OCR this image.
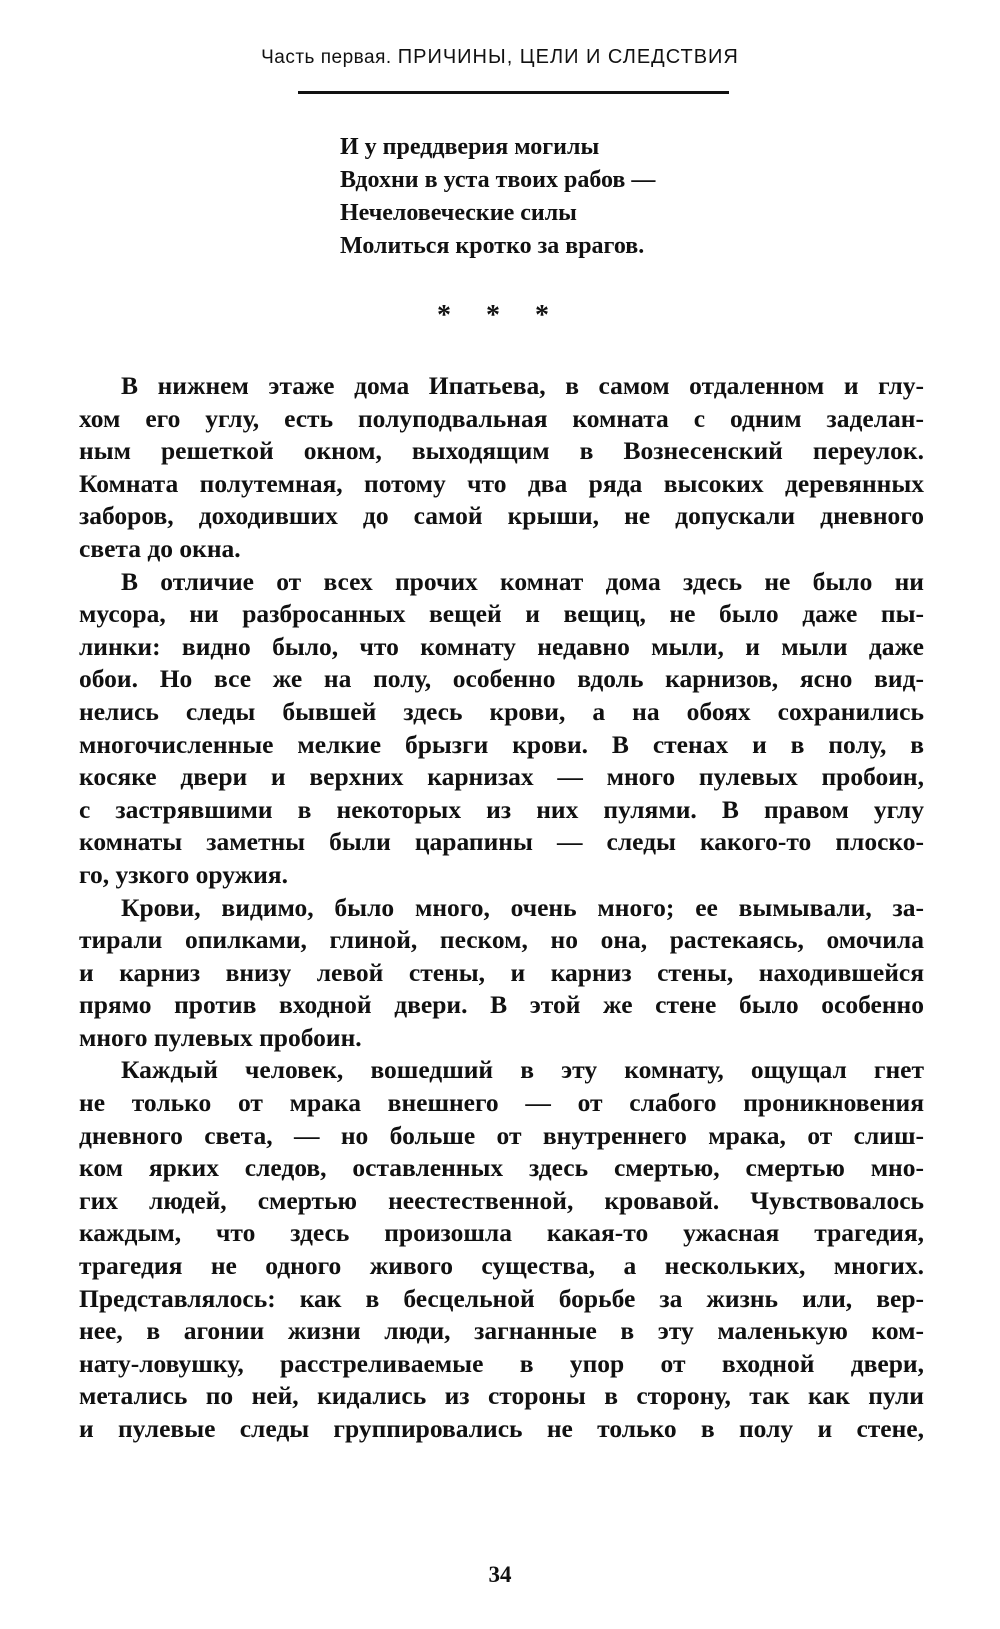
Часть первая. ПРИЧИНЫ, ЦЕЛИ И СЛЕДСТВИЯ
И у преддверия могилы
Вдохни в уста твоих рабов —
Нечеловеческие силы
Молиться кротко за врагов.
* * *
В нижнем этаже дома Ипатьева, в самом отдаленном и глу-
хом его углу, есть полуподвальная комната с одним заделан-
ным решеткой окном, выходящим в Вознесенский переулок.
Комната полутемная, потому что два ряда высоких деревянных
заборов, доходивших до самой крыши, не допускали дневного
света до окна.
В отличие от всех прочих комнат дома здесь не было ни
мусора, ни разбросанных вещей и вещиц, не было даже пы-
линки: видно было, что комнату недавно мыли, и мыли даже
обои. Но все же на полу, особенно вдоль карнизов, ясно вид-
нелись следы бывшей здесь крови, а на обоях сохранились
многочисленные мелкие брызги крови. В стенах и в полу, в
косяке двери и верхних карнизах — много пулевых пробоин,
с застрявшими в некоторых из них пулями. В правом углу
комнаты заметны были царапины — следы какого-то плоско-
го, узкого оружия.
Крови, видимо, было много, очень много; ее вымывали, за-
тирали опилками, глиной, песком, но она, растекаясь, омочила
и карниз внизу левой стены, и карниз стены, находившейся
прямо против входной двери. В этой же стене было особенно
много пулевых пробоин.
Каждый человек, вошедший в эту комнату, ощущал гнет
не только от мрака внешнего — от слабого проникновения
дневного света, — но больше от внутреннего мрака, от слиш-
ком ярких следов, оставленных здесь смертью, смертью мно-
гих людей, смертью неестественной, кровавой. Чувствовалось
каждым, что здесь произошла какая-то ужасная трагедия,
трагедия не одного живого существа, а нескольких, многих.
Представлялось: как в бесцельной борьбе за жизнь или, вер-
нее, в агонии жизни люди, загнанные в эту маленькую ком-
нату-ловушку, расстреливаемые в упор от входной двери,
метались по ней, кидались из стороны в сторону, так как пули
и пулевые следы группировались не только в полу и стене,
34
